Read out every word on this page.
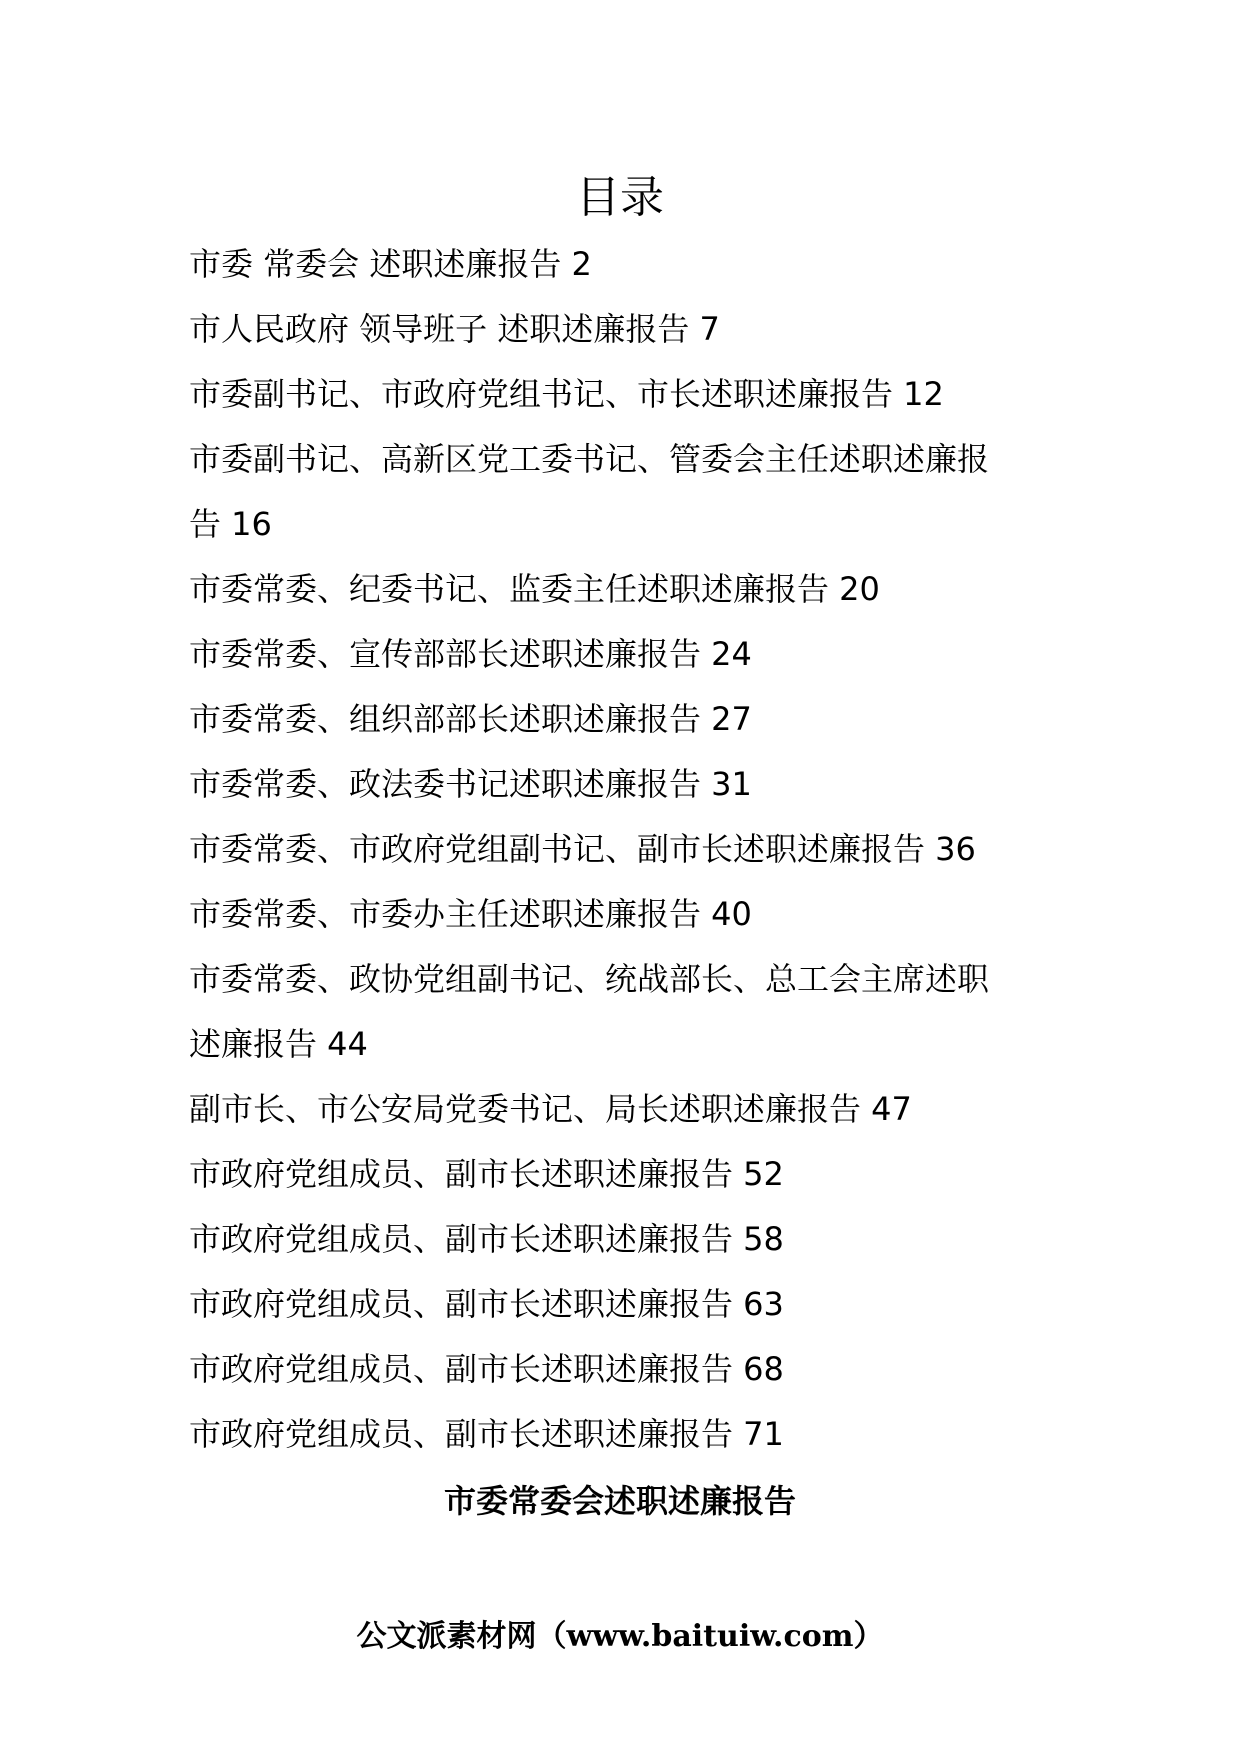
目录
市委 常委会 述职述廉报告 2
市人民政府 领导班子 述职述廉报告 7
市委副书记、市政府党组书记、市长述职述廉报告 12
市委副书记、高新区党工委书记、管委会主任述职述廉报
告 16
市委常委、纪委书记、监委主任述职述廉报告 20
市委常委、宣传部部长述职述廉报告 24
市委常委、组织部部长述职述廉报告 27
市委常委、政法委书记述职述廉报告 31
市委常委、市政府党组副书记、副市长述职述廉报告 36
市委常委、市委办主任述职述廉报告 40
市委常委、政协党组副书记、统战部长、总工会主席述职
述廉报告 44
副市长、市公安局党委书记、局长述职述廉报告 47
市政府党组成员、副市长述职述廉报告 52
市政府党组成员、副市长述职述廉报告 58
市政府党组成员、副市长述职述廉报告 63
市政府党组成员、副市长述职述廉报告 68
市政府党组成员、副市长述职述廉报告 71
市委常委会述职述廉报告
公文派素材网（www.baituiw.com）
